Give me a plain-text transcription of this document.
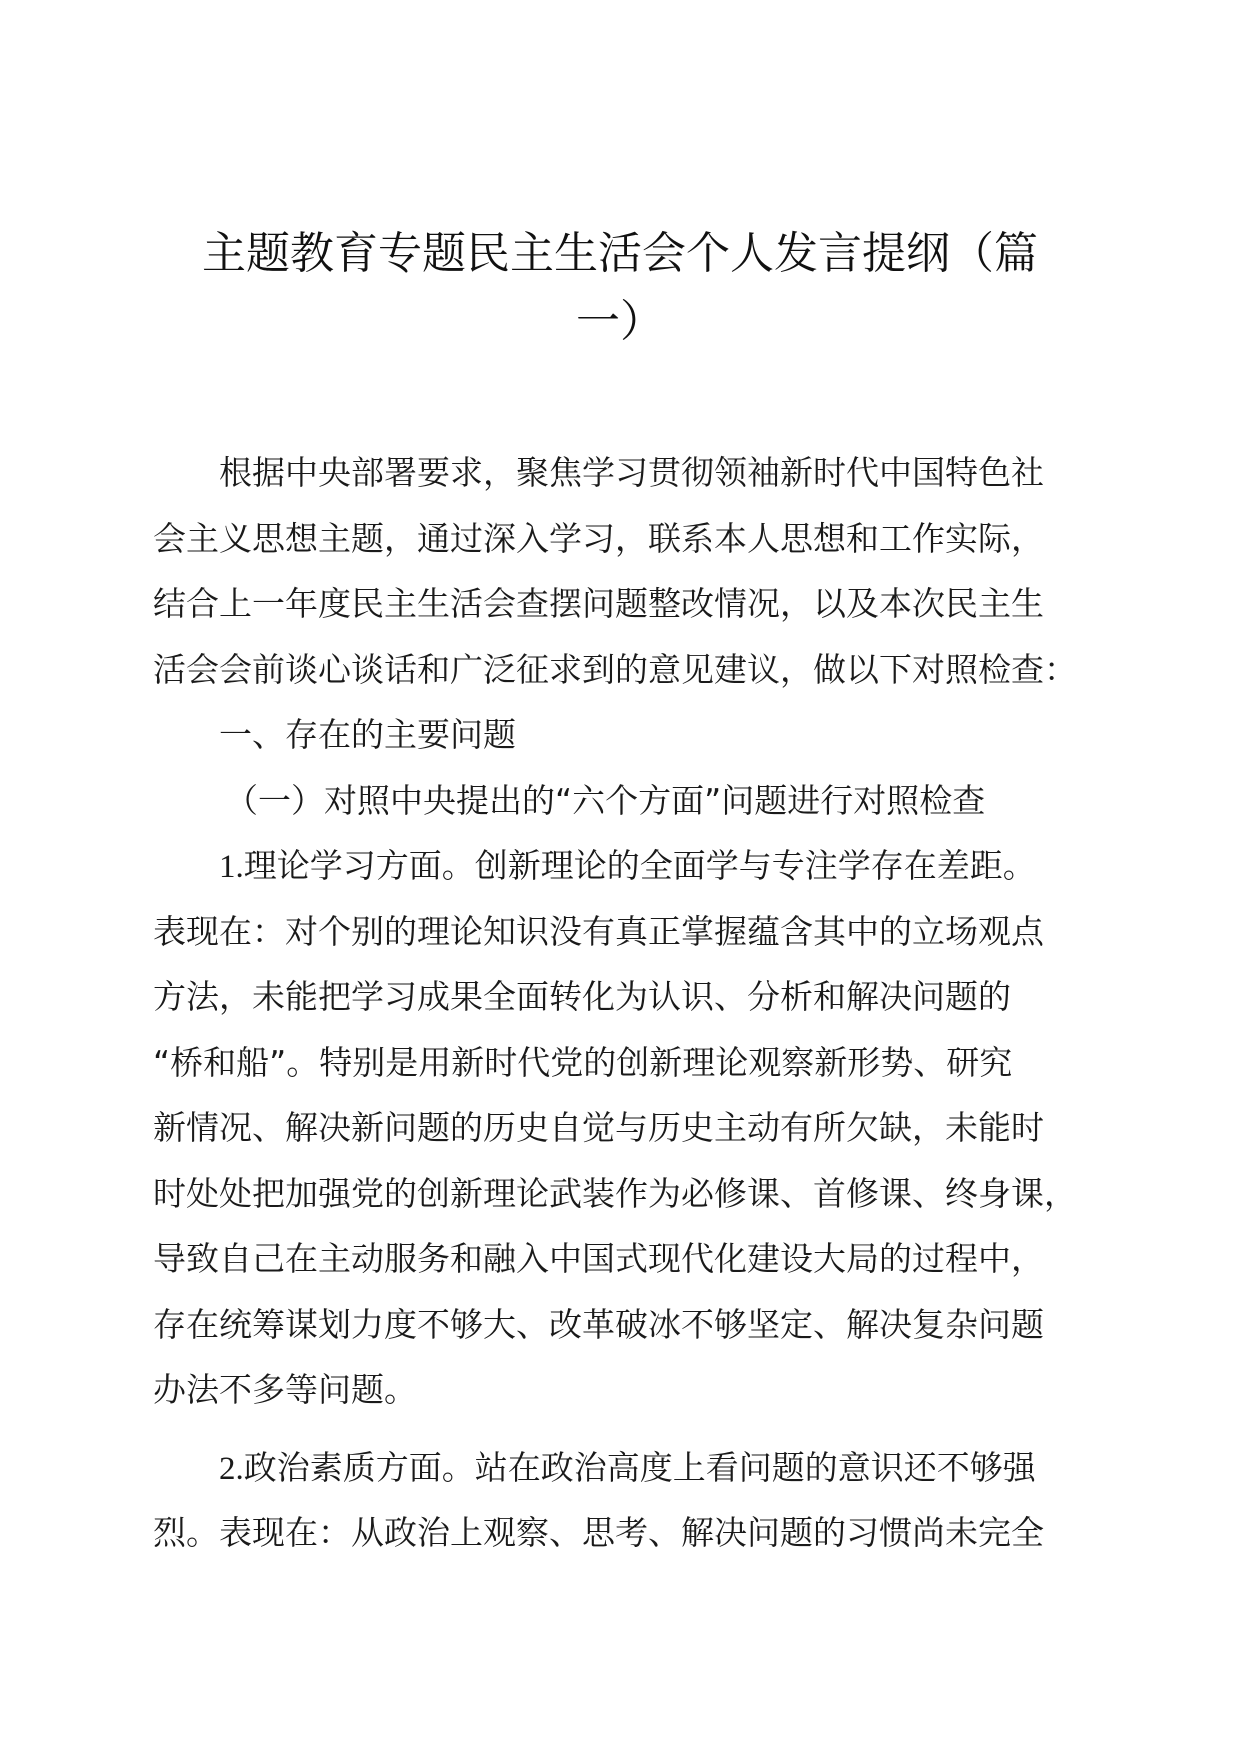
主题教育专题民主生活会个人发言提纲（篇
一）
根据中央部署要求，聚焦学习贯彻领袖新时代中国特色社
会主义思想主题，通过深入学习，联系本人思想和工作实际，
结合上一年度民主生活会查摆问题整改情况，以及本次民主生
活会会前谈心谈话和广泛征求到的意见建议，做以下对照检查：
一、存在的主要问题
（一）对照中央提出的“六个方面”问题进行对照检查
1.理论学习方面。创新理论的全面学与专注学存在差距。
表现在：对个别的理论知识没有真正掌握蕴含其中的立场观点
方法，未能把学习成果全面转化为认识、分析和解决问题的
“桥和船”。特别是用新时代党的创新理论观察新形势、研究
新情况、解决新问题的历史自觉与历史主动有所欠缺，未能时
时处处把加强党的创新理论武装作为必修课、首修课、终身课，
导致自己在主动服务和融入中国式现代化建设大局的过程中，
存在统筹谋划力度不够大、改革破冰不够坚定、解决复杂问题
办法不多等问题。
2.政治素质方面。站在政治高度上看问题的意识还不够强
烈。表现在：从政治上观察、思考、解决问题的习惯尚未完全
